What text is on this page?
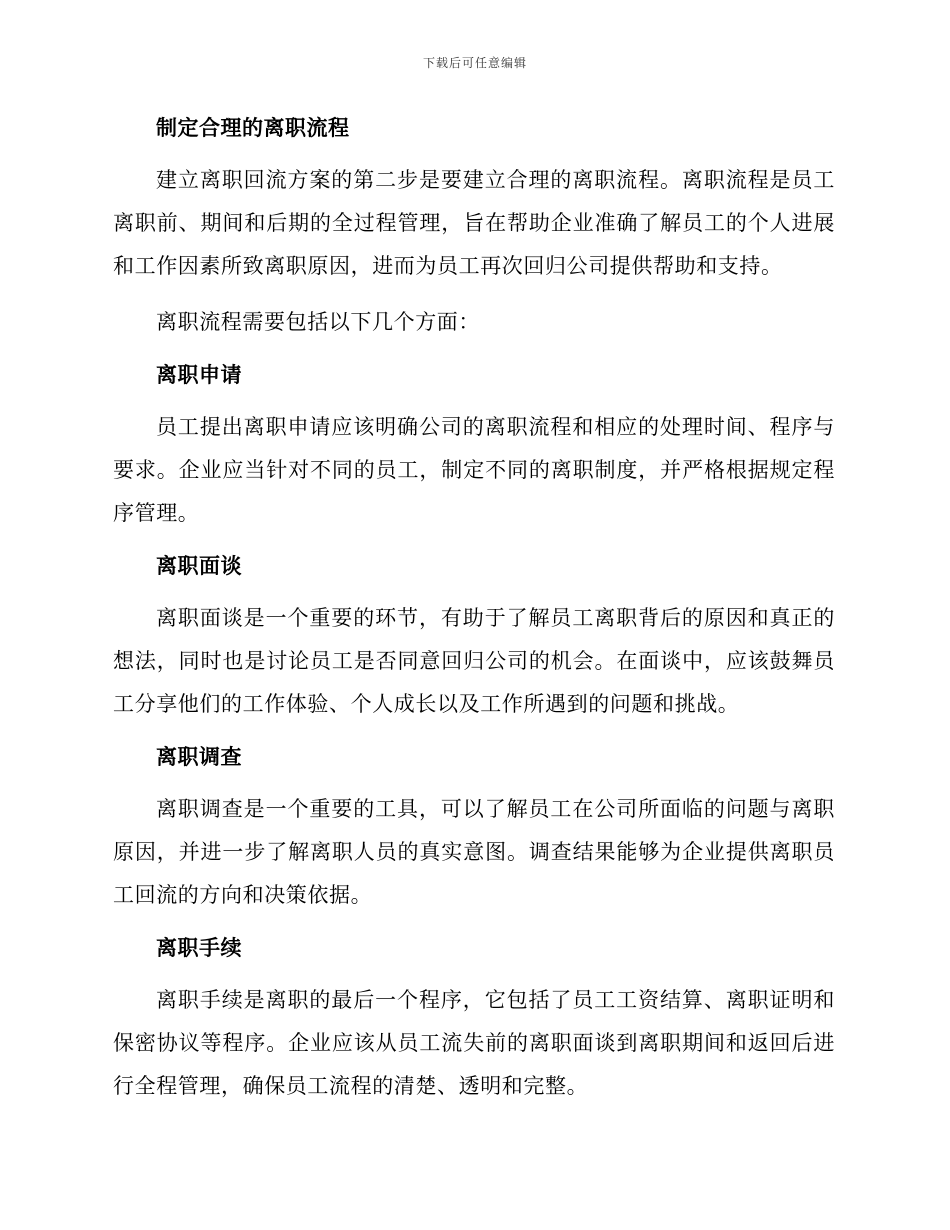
下载后可任意编辑
制定合理的离职流程

建立离职回流方案的第二步是要建立合理的离职流程。离职流程是员工离职前、期间和后期的全过程管理，旨在帮助企业准确了解员工的个人进展和工作因素所致离职原因，进而为员工再次回归公司提供帮助和支持。

离职流程需要包括以下几个方面：

离职申请

员工提出离职申请应该明确公司的离职流程和相应的处理时间、程序与要求。企业应当针对不同的员工，制定不同的离职制度，并严格根据规定程序管理。

离职面谈

离职面谈是一个重要的环节，有助于了解员工离职背后的原因和真正的想法，同时也是讨论员工是否同意回归公司的机会。在面谈中，应该鼓舞员工分享他们的工作体验、个人成长以及工作所遇到的问题和挑战。

离职调查

离职调查是一个重要的工具，可以了解员工在公司所面临的问题与离职原因，并进一步了解离职人员的真实意图。调查结果能够为企业提供离职员工回流的方向和决策依据。

离职手续

离职手续是离职的最后一个程序，它包括了员工工资结算、离职证明和保密协议等程序。企业应该从员工流失前的离职面谈到离职期间和返回后进行全程管理，确保员工流程的清楚、透明和完整。
